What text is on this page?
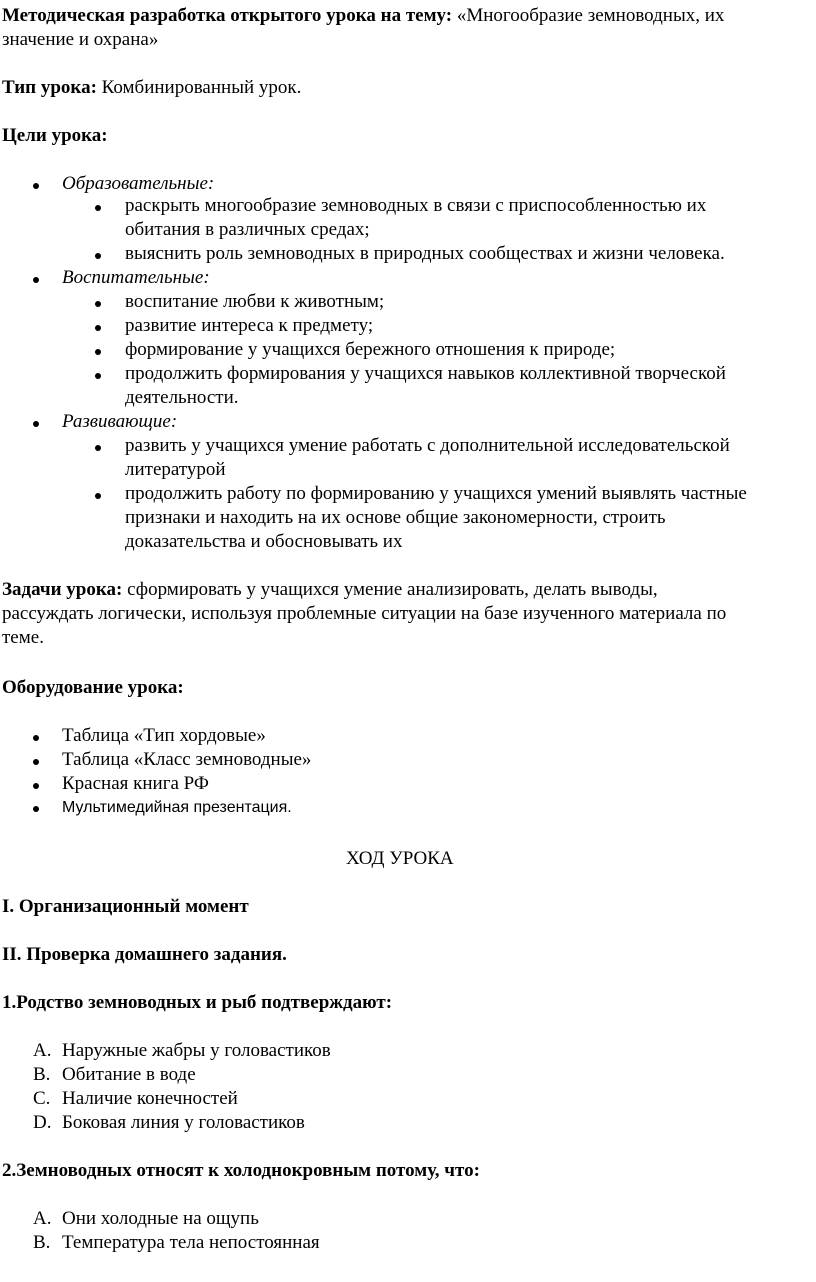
Методическая разработка открытого урока на тему: «Многообразие земноводных, их
значение и охрана»
Тип урока: Комбинированный урок.
Цели урока:
Образовательные:
раскрыть многообразие земноводных в связи с приспособленностью их
обитания в различных средах;
выяснить роль земноводных в природных сообществах и жизни человека.
Воспитательные:
воспитание любви к животным;
развитие интереса к предмету;
формирование у учащихся бережного отношения к природе;
продолжить формирования у учащихся навыков коллективной творческой
деятельности.
Развивающие:
развить у учащихся умение работать с дополнительной исследовательской
литературой
продолжить работу по формированию у учащихся умений выявлять частные
признаки и находить на их основе общие закономерности, строить
доказательства и обосновывать их
Задачи урока: сформировать у учащихся умение анализировать, делать выводы,
рассуждать логически, используя проблемные ситуации на базе изученного материала по
теме.
Оборудование урока:
Таблица «Тип хордовые»
Таблица «Класс земноводные»
Красная книга РФ
Мультимедийная презентация.
ХОД УРОКА
I. Организационный момент
II. Проверка домашнего задания.
1.Родство земноводных и рыб подтверждают:
A. Наружные жабры у головастиков
B. Обитание в воде
C. Наличие конечностей
D. Боковая линия у головастиков
2.Земноводных относят к холоднокровным потому, что:
A. Они холодные на ощупь
B. Температура тела непостоянная
